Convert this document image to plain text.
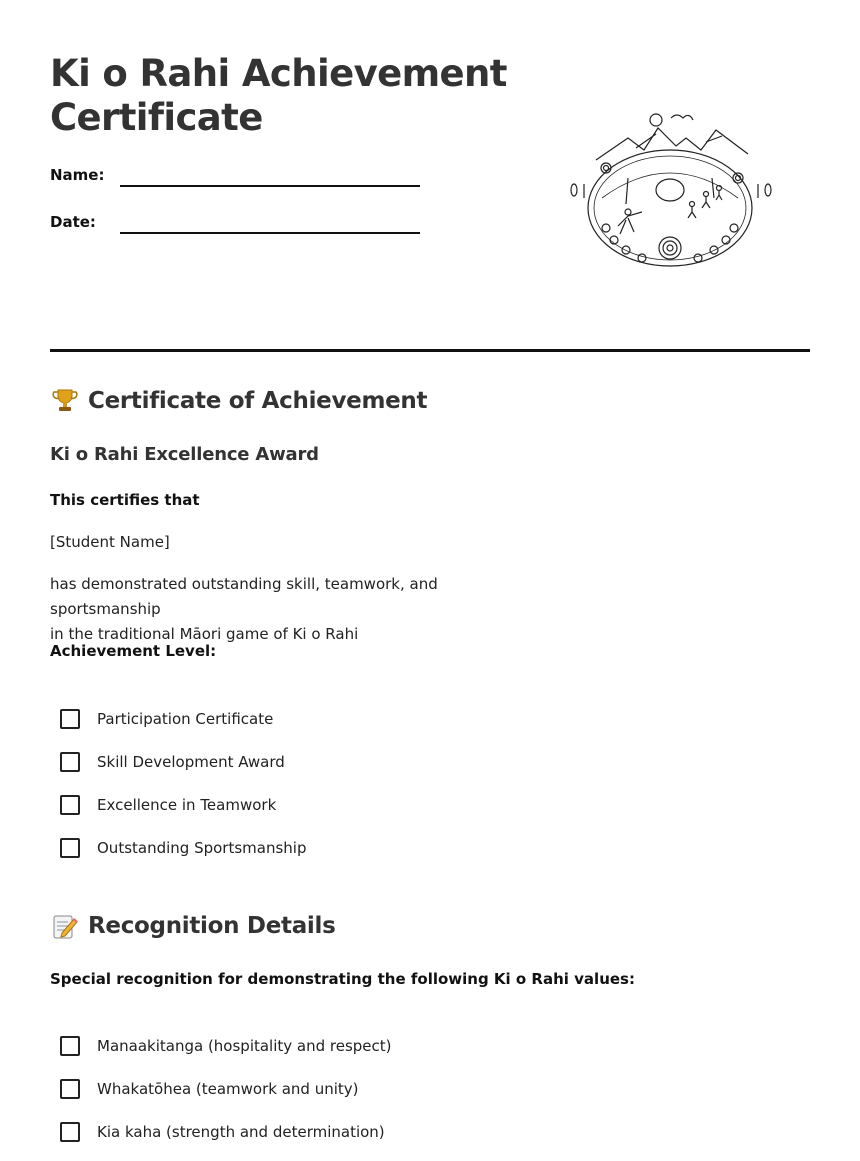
Ki o Rahi Achievement Certificate
Name:
Date:
Certificate of Achievement
Ki o Rahi Excellence Award
This certifies that
[Student Name]
has demonstrated outstanding skill, teamwork, and sportsmanship
in the traditional Māori game of Ki o Rahi
Achievement Level:
Participation Certificate
Skill Development Award
Excellence in Teamwork
Outstanding Sportsmanship
Recognition Details
Special recognition for demonstrating the following Ki o Rahi values:
Manaakitanga (hospitality and respect)
Whakatōhea (teamwork and unity)
Kia kaha (strength and determination)
